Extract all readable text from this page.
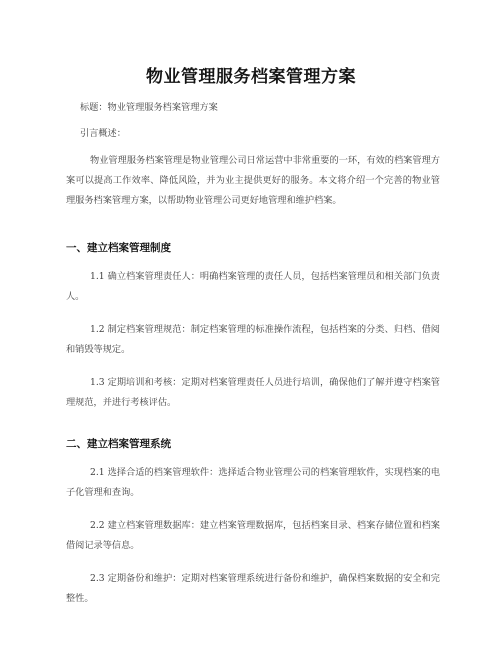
物业管理服务档案管理方案
标题：物业管理服务档案管理方案
引言概述：
物业管理服务档案管理是物业管理公司日常运营中非常重要的一环，有效的档案管理方案可以提高工作效率、降低风险，并为业主提供更好的服务。本文将介绍一个完善的物业管理服务档案管理方案，以帮助物业管理公司更好地管理和维护档案。
一、建立档案管理制度
1.1 确立档案管理责任人：明确档案管理的责任人员，包括档案管理员和相关部门负责人。
1.2 制定档案管理规范：制定档案管理的标准操作流程，包括档案的分类、归档、借阅和销毁等规定。
1.3 定期培训和考核：定期对档案管理责任人员进行培训，确保他们了解并遵守档案管理规范，并进行考核评估。
二、建立档案管理系统
2.1 选择合适的档案管理软件：选择适合物业管理公司的档案管理软件，实现档案的电子化管理和查询。
2.2 建立档案管理数据库：建立档案管理数据库，包括档案目录、档案存储位置和档案借阅记录等信息。
2.3 定期备份和维护：定期对档案管理系统进行备份和维护，确保档案数据的安全和完整性。
